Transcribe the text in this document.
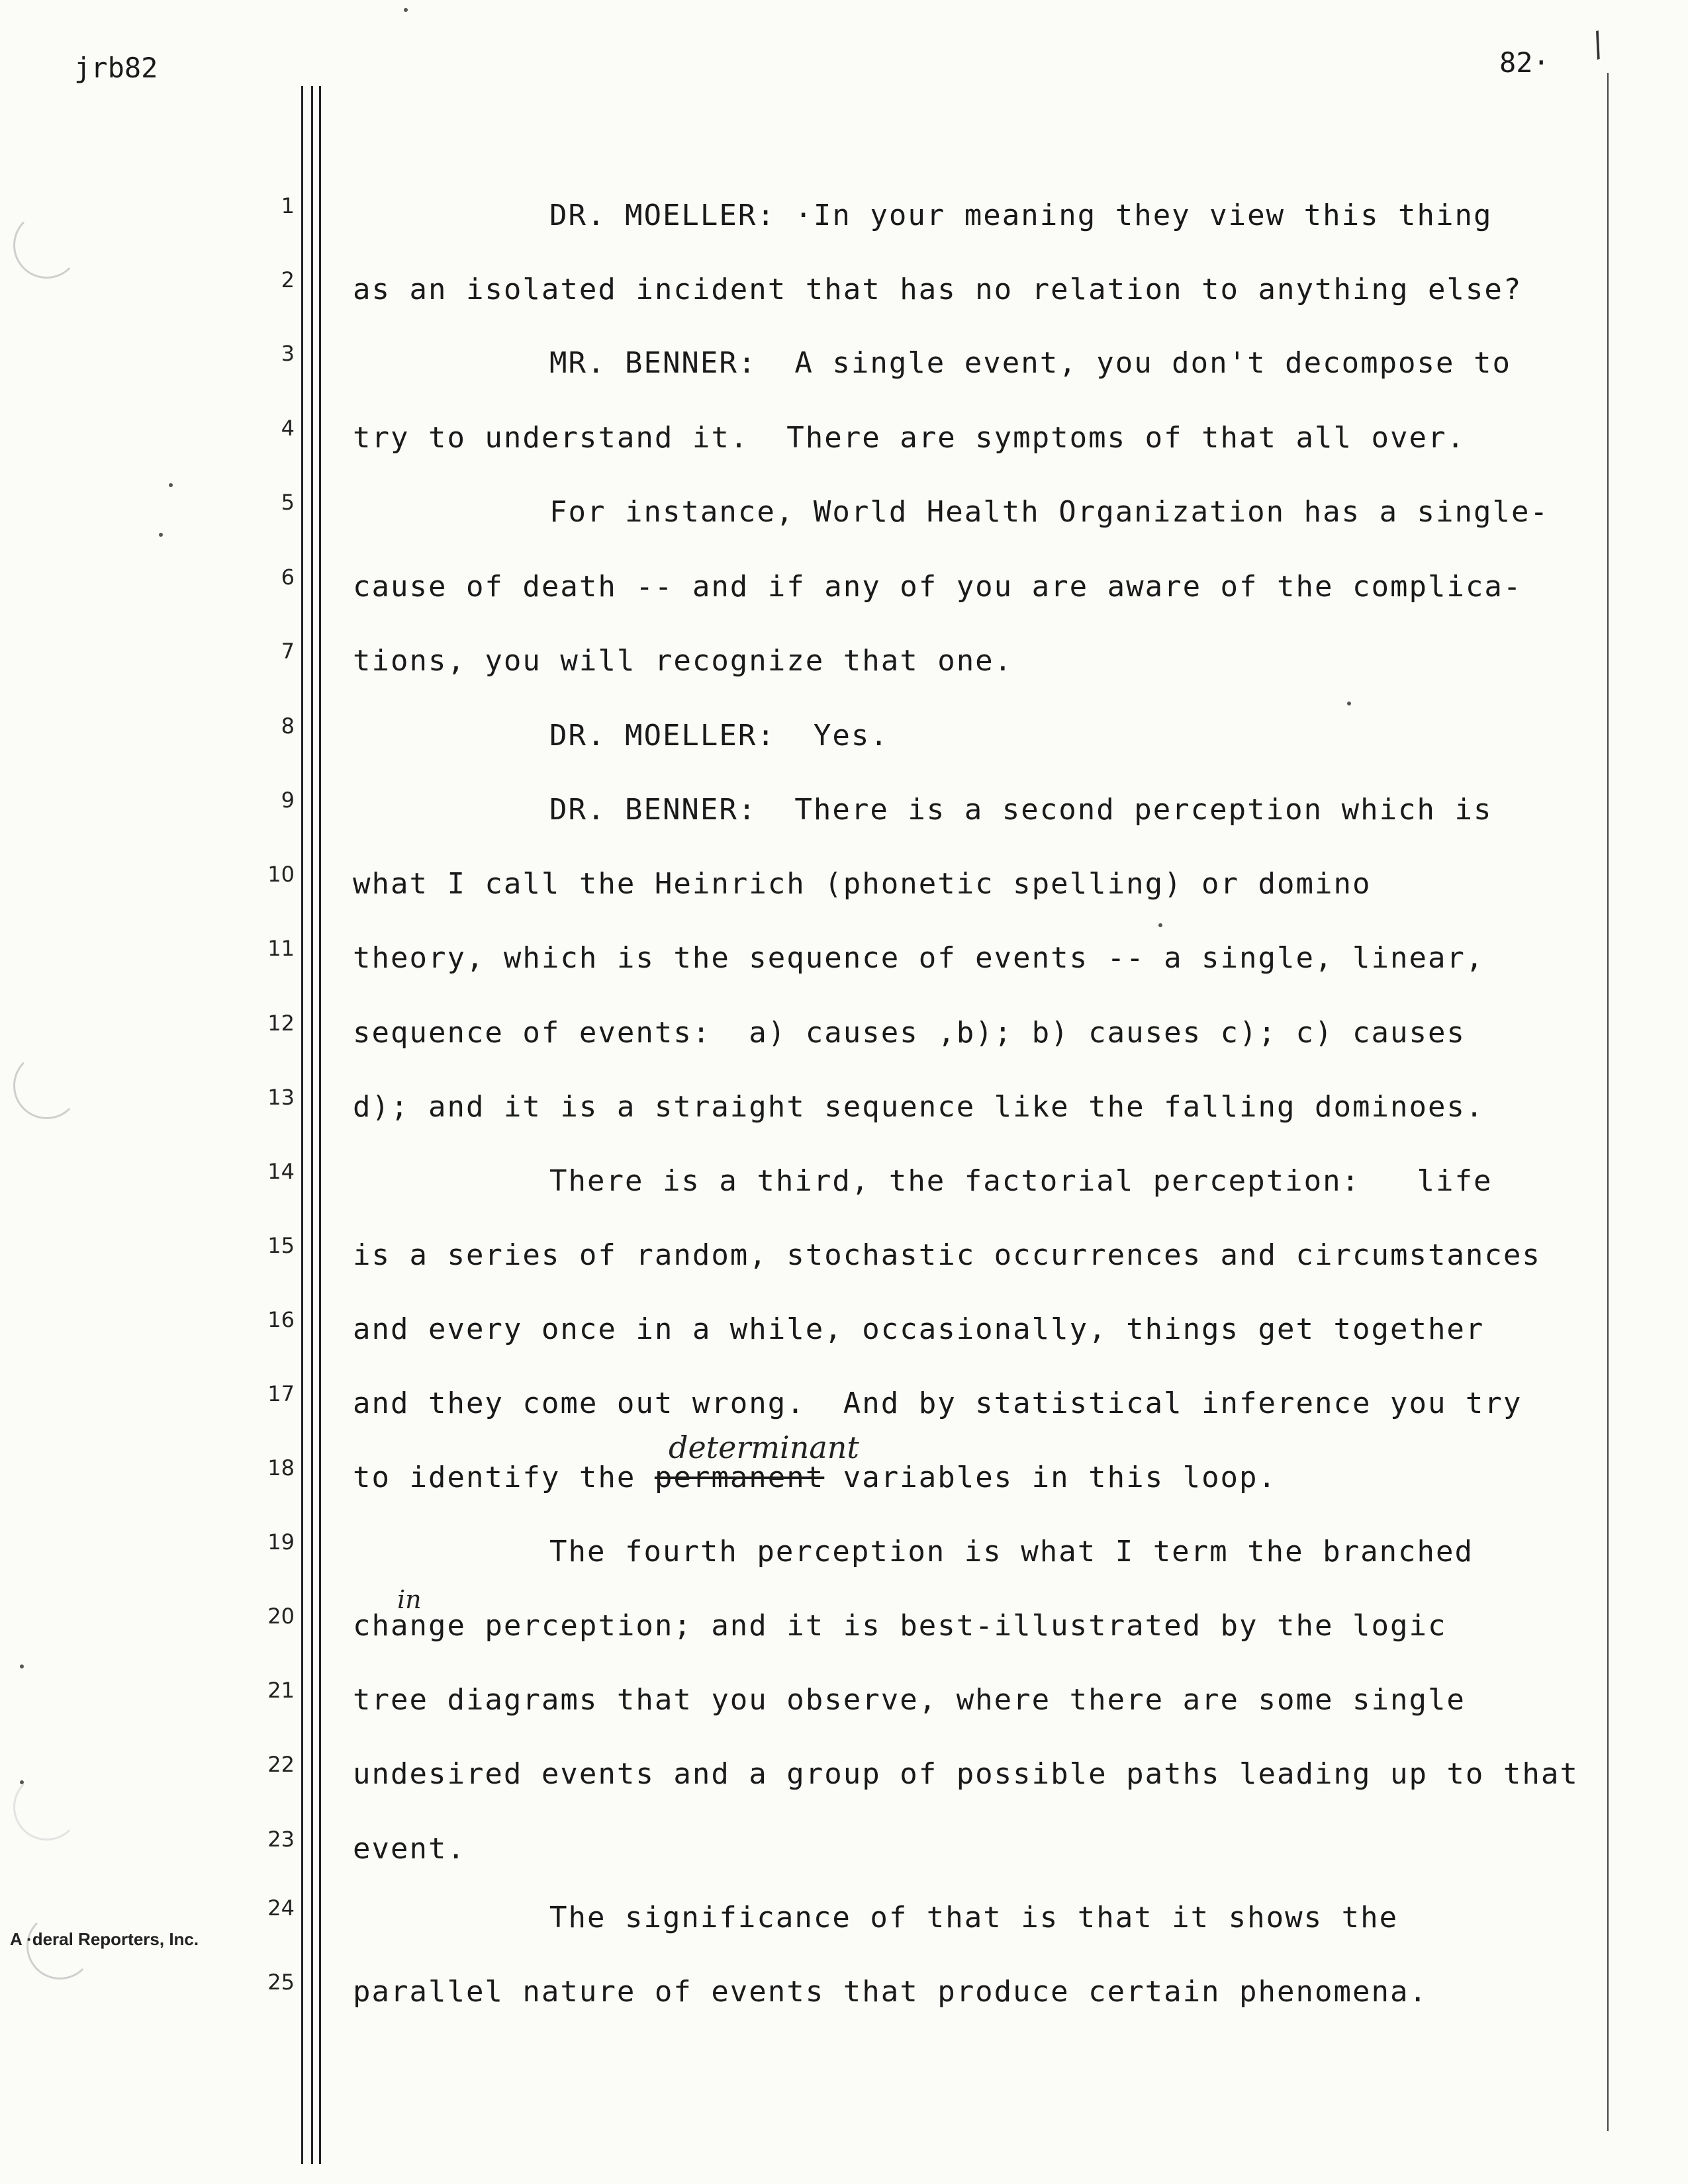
jrb82	82· /
A ·deral Reporters, Inc.
1
2
3
4
5
6
7
8
9
10
11
12
13
14
15
16
17
18
19
20
21
22
23
24
25
DR. MOELLER: ·In your meaning they view this thing
as an isolated incident that has no relation to anything else?
MR. BENNER:  A single event, you don't decompose to
try to understand it.  There are symptoms of that all over.
For instance, World Health Organization has a single-
cause of death -- and if any of you are aware of the complica-
tions, you will recognize that one.
DR. MOELLER:  Yes.
DR. BENNER:  There is a second perception which is
what I call the Heinrich (phonetic spelling) or domino
theory, which is the sequence of events -- a single, linear,
sequence of events:  a) causes ,b); b) causes c); c) causes
d); and it is a straight sequence like the falling dominoes.
There is a third, the factorial perception:   life
is a series of random, stochastic occurrences and circumstances
and every once in a while, occasionally, things get together
and they come out wrong.  And by statistical inference you try
to identify the permanent variables in this loop.
The fourth perception is what I term the branched
change perception; and it is best-illustrated by the logic
tree diagrams that you observe, where there are some single
undesired events and a group of possible paths leading up to that
event.
The significance of that is that it shows the
parallel nature of events that produce certain phenomena.
determinant
in
